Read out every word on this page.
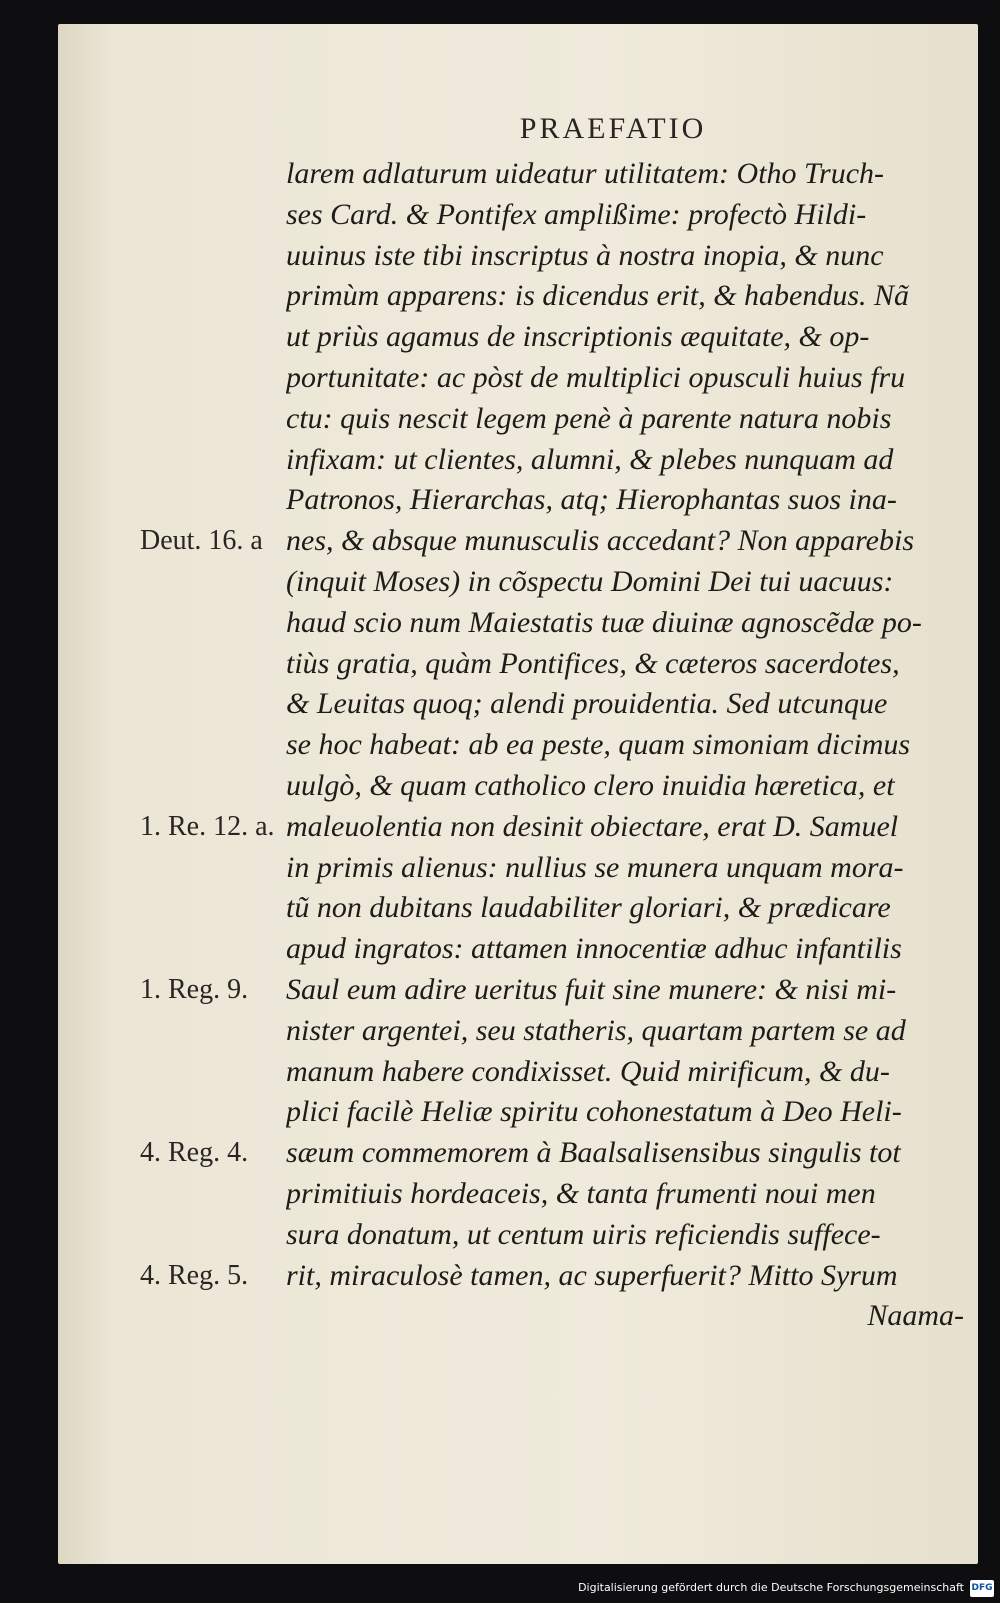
PRAEFATIO
larem adlaturum uideatur utilitatem: Otho Truch-
ses Card. & Pontifex amplißime: profectò Hildi-
uuinus iste tibi inscriptus à nostra inopia, & nunc
primùm apparens: is dicendus erit, & habendus. Nã
ut priùs agamus de inscriptionis æquitate, & op-
portunitate: ac pòst de multiplici opusculi huius fru
ctu: quis nescit legem penè à parente natura nobis
infixam: ut clientes, alumni, & plebes nunquam ad
Patronos, Hierarchas, atq; Hierophantas suos ina-
nes, & absque munusculis accedant? Non apparebis
(inquit Moses) in cõspectu Domini Dei tui uacuus:
haud scio num Maiestatis tuæ diuinæ agnoscẽdæ po-
tiùs gratia, quàm Pontifices, & cæteros sacerdotes,
& Leuitas quoq; alendi prouidentia. Sed utcunque
se hoc habeat: ab ea peste, quam simoniam dicimus
uulgò, & quam catholico clero inuidia hæretica, et
maleuolentia non desinit obiectare, erat D. Samuel
in primis alienus: nullius se munera unquam mora-
tũ non dubitans laudabiliter gloriari, & prædicare
apud ingratos: attamen innocentiæ adhuc infantilis
Saul eum adire ueritus fuit sine munere: & nisi mi-
nister argentei, seu statheris, quartam partem se ad
manum habere condixisset. Quid mirificum, & du-
plici facilè Heliæ spiritu cohonestatum à Deo Heli-
sæum commemorem à Baalsalisensibus singulis tot
primitiuis hordeaceis, & tanta frumenti noui men
sura donatum, ut centum uiris reficiendis suffece-
rit, miraculosè tamen, ac superfuerit? Mitto Syrum
Deut. 16. a
1. Re. 12. a.
1. Reg. 9.
4. Reg. 4.
4. Reg. 5.
Naama-
Digitalisierung gefördert durch die Deutsche Forschungsgemeinschaft DFG
